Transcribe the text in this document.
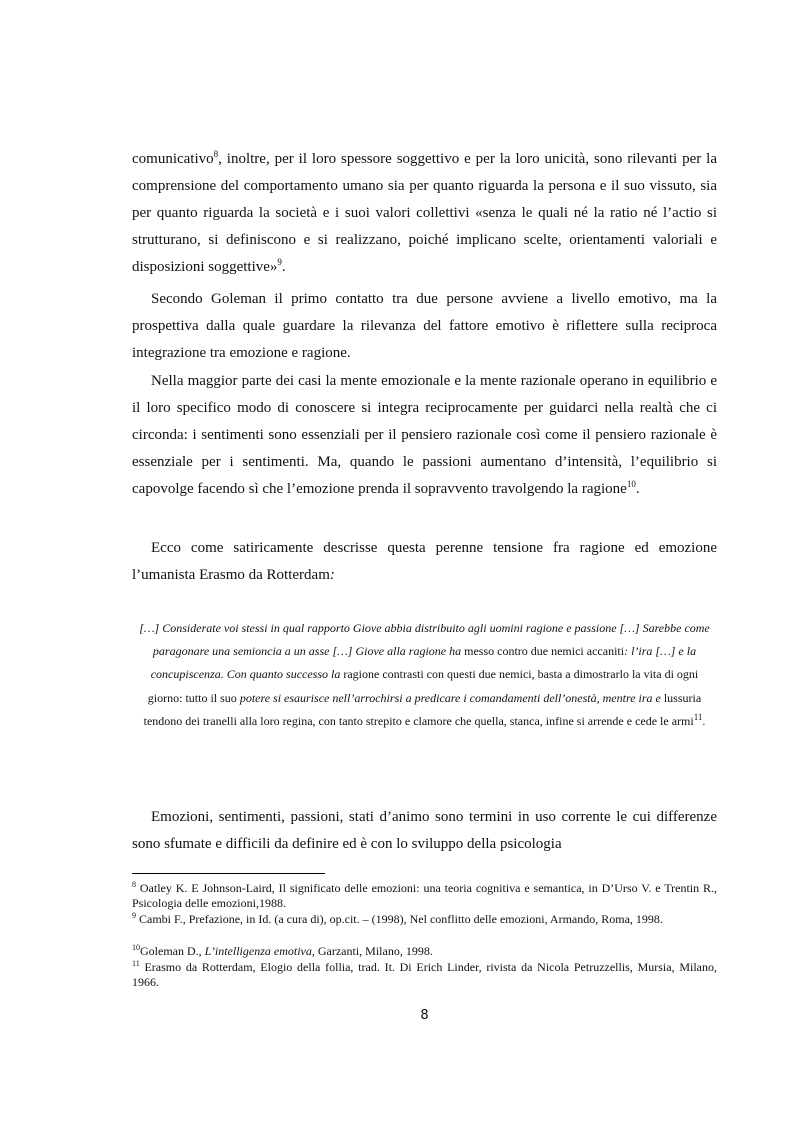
comunicativo$^8$, inoltre, per il loro spessore soggettivo e per la loro unicità, sono rilevanti per la comprensione del comportamento umano sia per quanto riguarda la persona e il suo vissuto, sia per quanto riguarda la società e i suoi valori collettivi «senza le quali né la ratio né l’actio si strutturano, si definiscono e si realizzano, poiché implicano scelte, orientamenti valoriali e disposizioni soggettive»$^9$.

Secondo Goleman il primo contatto tra due persone avviene a livello emotivo, ma la prospettiva dalla quale guardare la rilevanza del fattore emotivo è riflettere sulla reciproca integrazione tra emozione e ragione.

Nella maggior parte dei casi la mente emozionale e la mente razionale operano in equilibrio e il loro specifico modo di conoscere si integra reciprocamente per guidarci nella realtà che ci circonda: i sentimenti sono essenziali per il pensiero razionale così come il pensiero razionale è essenziale per i sentimenti. Ma, quando le passioni aumentano d’intensità, l’equilibrio si capovolge facendo sì che l’emozione prenda il sopravvento travolgendo la ragione$^{10}$.

Ecco come satiricamente descrisse questa perenne tensione fra ragione ed emozione l’umanista Erasmo da Rotterdam:

[…] Considerate voi stessi in qual rapporto Giove abbia distribuito agli uomini ragione e passione […] Sarebbe come paragonare una semioncia a un asse […] Giove alla ragione ha messo contro due nemici accaniti: l’ira […] e la concupiscenza. Con quanto successo la ragione contrasti con questi due nemici, basta a dimostrarlo la vita di ogni giorno: tutto il suo potere si esaurisce nell’arrochirsi a predicare i comandamenti dell’onestà, mentre ira e lussuria tendono dei tranelli alla loro regina, con tanto strepito e clamore che quella, stanca, infine si arrende e cede le armi$^{11}$.

Emozioni, sentimenti, passioni, stati d’animo sono termini in uso corrente le cui differenze sono sfumate e difficili da definire ed è con lo sviluppo della psicologia

$^8$ Oatley K. E Johnson-Laird, Il significato delle emozioni: una teoria cognitiva e semantica, in D’Urso V. e Trentin R., Psicologia delle emozioni,1988.

$^9$ Cambi F., Prefazione, in Id. (a cura di), op.cit. – (1998), Nel conflitto delle emozioni, Armando, Roma, 1998.

$^{10}$Goleman D., L’intelligenza emotiva, Garzanti, Milano, 1998.

$^{11}$ Erasmo da Rotterdam, Elogio della follia, trad. It. Di Erich Linder, rivista da Nicola Petruzzellis, Mursia, Milano, 1966.

8
